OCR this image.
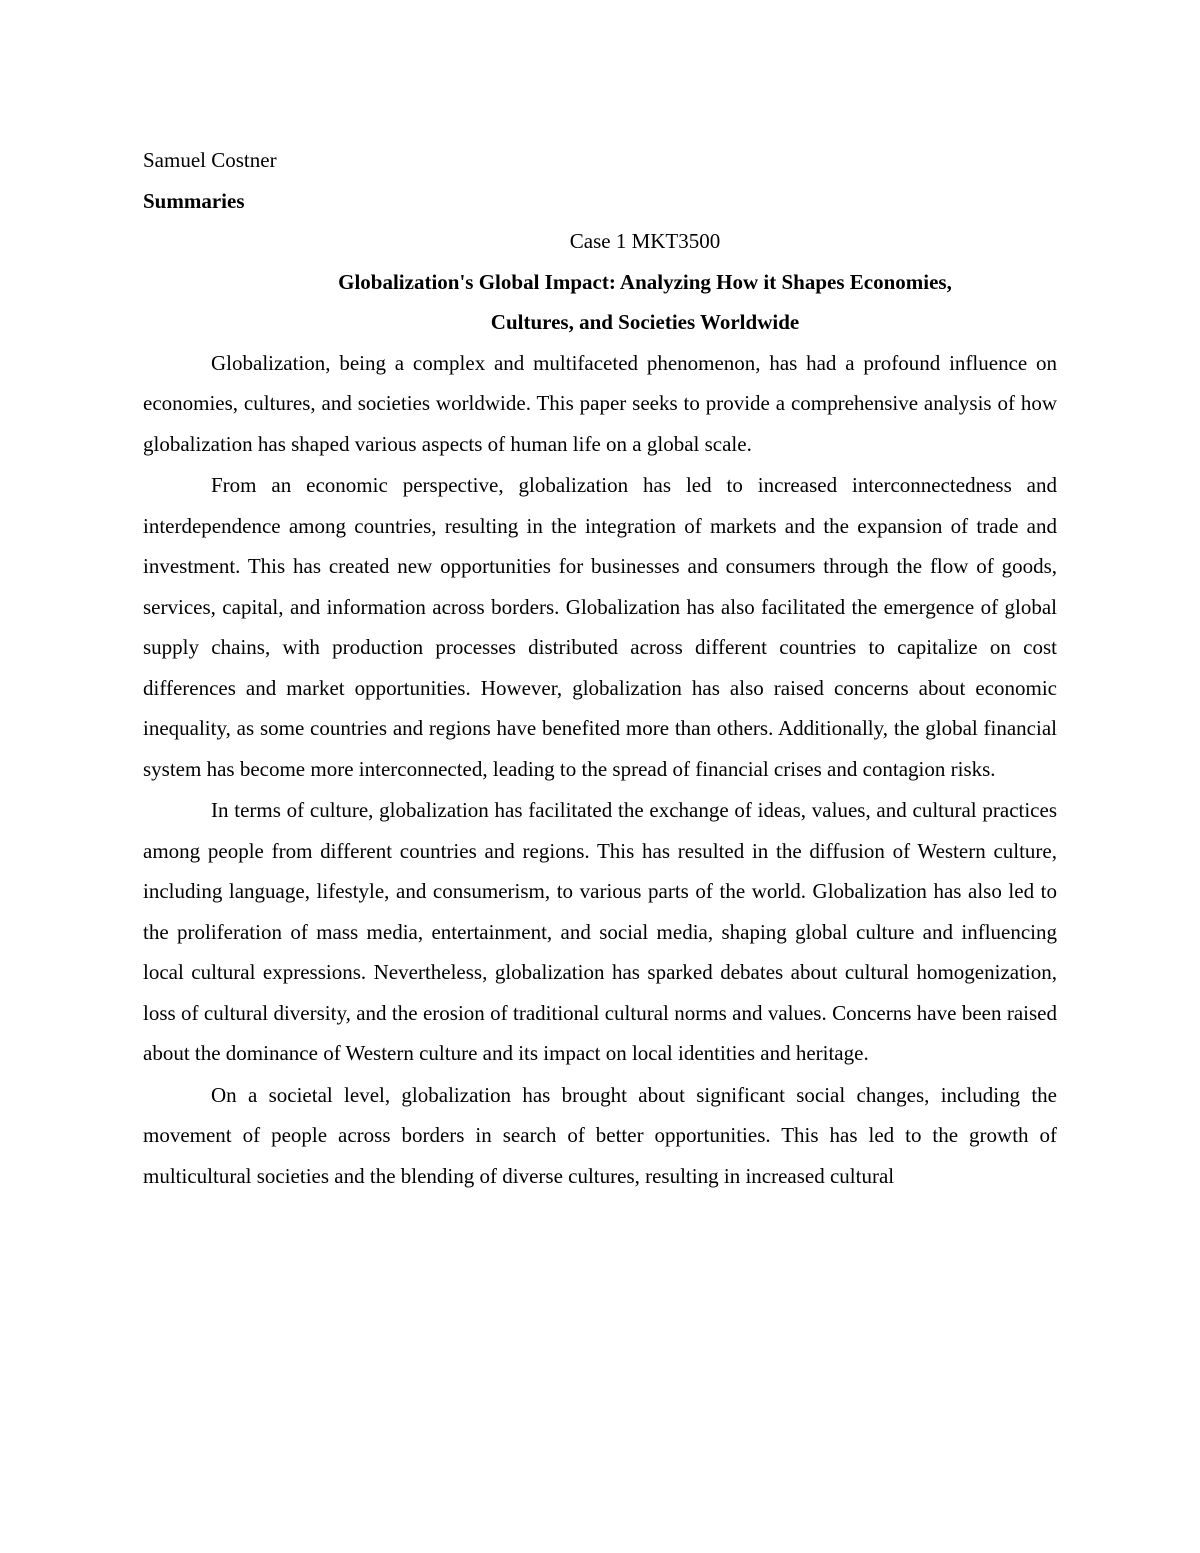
Samuel Costner

Summaries

Case 1 MKT3500

Globalization's Global Impact: Analyzing How it Shapes Economies,
Cultures, and Societies Worldwide

Globalization, being a complex and multifaceted phenomenon, has had a profound influence on economies, cultures, and societies worldwide. This paper seeks to provide a comprehensive analysis of how globalization has shaped various aspects of human life on a global scale.

From an economic perspective, globalization has led to increased interconnectedness and interdependence among countries, resulting in the integration of markets and the expansion of trade and investment. This has created new opportunities for businesses and consumers through the flow of goods, services, capital, and information across borders. Globalization has also facilitated the emergence of global supply chains, with production processes distributed across different countries to capitalize on cost differences and market opportunities. However, globalization has also raised concerns about economic inequality, as some countries and regions have benefited more than others. Additionally, the global financial system has become more interconnected, leading to the spread of financial crises and contagion risks.

In terms of culture, globalization has facilitated the exchange of ideas, values, and cultural practices among people from different countries and regions. This has resulted in the diffusion of Western culture, including language, lifestyle, and consumerism, to various parts of the world. Globalization has also led to the proliferation of mass media, entertainment, and social media, shaping global culture and influencing local cultural expressions. Nevertheless, globalization has sparked debates about cultural homogenization, loss of cultural diversity, and the erosion of traditional cultural norms and values. Concerns have been raised about the dominance of Western culture and its impact on local identities and heritage.

On a societal level, globalization has brought about significant social changes, including the movement of people across borders in search of better opportunities. This has led to the growth of multicultural societies and the blending of diverse cultures, resulting in increased cultural
